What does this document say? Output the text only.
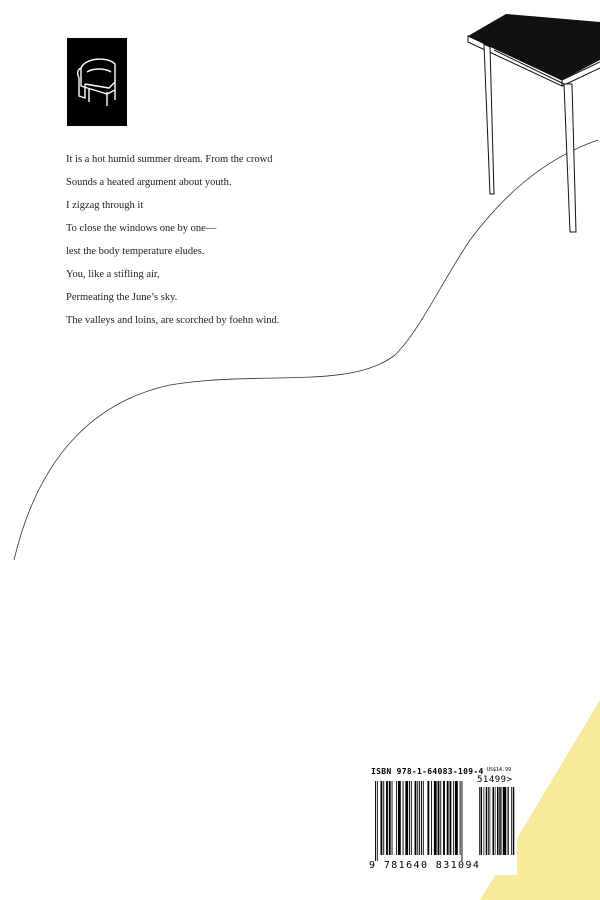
It is a hot humid summer dream. From the crowd
Sounds a heated argument about youth.
I zigzag through it
To close the windows one by one—
lest the body temperature eludes.
You, like a stifling air,
Permeating the June’s sky.
The valleys and loins, are scorched by foehn wind.
ISBN 978-1-64083-109-4 US$14.99
51499>
9 781640 831094
